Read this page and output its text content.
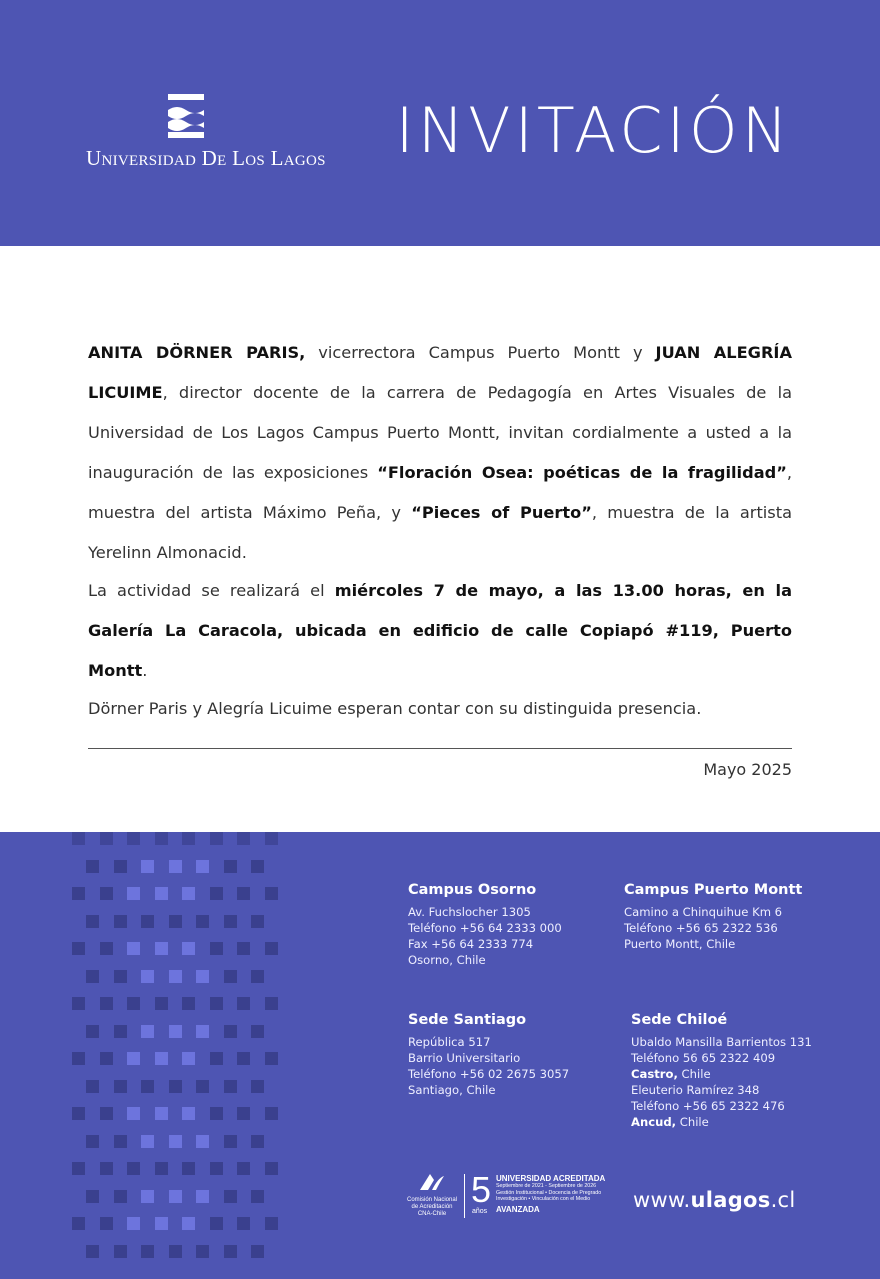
Universidad De Los Lagos INVITACIÓN

ANITA DÖRNER PARIS, vicerrectora Campus Puerto Montt y JUAN ALEGRÍA LICUIME, director docente de la carrera de Pedagogía en Artes Visuales de la Universidad de Los Lagos Campus Puerto Montt, invitan cordialmente a usted a la inauguración de las exposiciones “Floración Osea: poéticas de la fragilidad”, muestra del artista Máximo Peña, y “Pieces of Puerto”, muestra de la artista Yerelinn Almonacid.

La actividad se realizará el miércoles 7 de mayo, a las 13.00 horas, en la Galería La Caracola, ubicada en edificio de calle Copiapó #119, Puerto Montt.

Dörner Paris y Alegría Licuime esperan contar con su distinguida presencia.

Mayo 2025
Campus Osorno
Av. Fuchslocher 1305
Teléfono +56 64 2333 000
Fax +56 64 2333 774
Osorno, Chile
Campus Puerto Montt
Camino a Chinquihue Km 6
Teléfono +56 65 2322 536
Puerto Montt, Chile
Sede Santiago
República 517
Barrio Universitario
Teléfono +56 02 2675 3057
Santiago, Chile
Sede Chiloé
Ubaldo Mansilla Barrientos 131
Teléfono 56 65 2322 409
Castro, Chile
Eleuterio Ramírez 348
Teléfono +56 65 2322 476
Ancud, Chile
Comisión Nacional de Acreditación CNA-Chile
5
años
UNIVERSIDAD ACREDITADA
Septiembre de 2021 - Septiembre de 2026
Gestión Institucional • Docencia de Pregrado
Investigación • Vinculación con el Medio
AVANZADA	www.ulagos.cl
